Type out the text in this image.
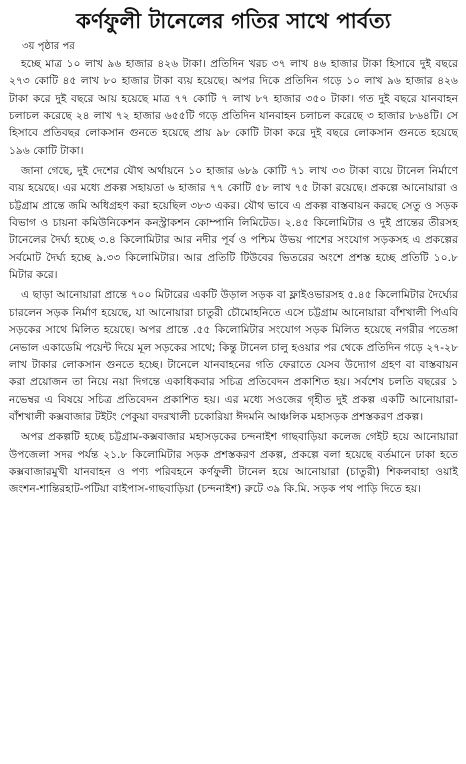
কর্ণফুলী টানেলের গতির সাথে পার্বত্য
৩য় পৃষ্ঠার পর

হচ্ছে মাত্র ১০ লাখ ৯৬ হাজার ৪২৬ টাকা। প্রতিদিন খরচ ৩৭ লাখ ৪৬ হাজার টাকা হিসাবে দুই বছরে ২৭৩ কোটি ৪৫ লাখ ৮০ হাজার টাকা ব্যয় হয়েছে। অপর দিকে প্রতিদিন গড়ে ১০ লাখ ৯৬ হাজার ৪২৬ টাকা করে দুই বছরে আয় হয়েছে মাত্র ৭৭ কোটি ৭ লাখ ৮৭ হাজার ৩৫০ টাকা। গত দুই বছরে যানবাহন চলাচল করেছে ২৪ লাখ ৭২ হাজার ৬৫৫টি গড়ে প্রতিদিন যানবাহন চলাচল করেছে ৩ হাজার ৮৬৪টি। সে হিসাবে প্রতিবছর লোকসান গুনতে হয়েছে প্রায় ৯৮ কোটি টাকা করে দুই বছরে লোকসান গুনতে হয়েছে ১৯৬ কোটি টাকা।

জানা গেছে, দুই দেশের যৌথ অর্থায়নে ১০ হাজার ৬৮৯ কোটি ৭১ লাখ ৩৩ টাকা ব্যয়ে টানেল নির্মাণে ব্যয় হয়েছে। এর মধ্যে প্রকল্প সহায়তা ৬ হাজার ৭৭ কোটি ৫৮ লাখ ৭৫ টাকা রয়েছে। প্রকল্পে আনোয়ারা ও চট্টগ্রাম প্রান্তে জমি অধিগ্রহণ করা হয়েছিল ৩৮৩ একর। যৌথ ভাবে এ প্রকল্প বাস্তবায়ন করছে সেতু ও সড়ক বিভাগ ও চায়না কমিউনিকেশন কনস্ট্রাকশন কোম্পানি লিমিটেড। ২.৪৫ কিলোমিটার ও দুই প্রান্তের তীরসহ টানেলের দৈর্ঘ্য হচ্ছে ৩.৪ কিলোমিটার আর নদীর পূর্ব ও পশ্চিম উভয় পাশের সংযোগ সড়কসহ এ প্রকল্পের সর্বমোট দৈর্ঘ্য হচ্ছে ৯.৩৩ কিলোমিটার। আর প্রতিটি টিউবের ভিতরের অংশে প্রশস্ত হচ্ছে প্রতিটি ১০.৮ মিটার করে।

এ ছাড়া আনোয়ারা প্রান্তে ৭০০ মিটারের একটি উড়াল সড়ক বা ফ্লাইওভারসহ ৫.৪৫ কিলোমিটার দৈর্ঘ্যের চারলেন সড়ক নির্মাণ হয়েছে, যা আনোয়ারা চাতুরী চৌমোহনিতে এসে চট্টগ্রাম আনোয়ারা বাঁশখালী পিএবি সড়কের সাথে মিলিত হয়েছে। অপর প্রান্তে .৫৫ কিলোমিটার সংযোগ সড়ক মিলিত হয়েছে নগরীর পতেঙ্গা নেভাল একাডেমি পয়েন্ট দিয়ে মূল সড়কের সাথে; কিন্তু টানেল চালু হওয়ার পর থেকে প্রতিদিন গড়ে ২৭-২৮ লাখ টাকার লোকসান গুনতে হচ্ছে। টানেলে যানবাহনের গতি ফেরাতে যেসব উদ্যোগ গ্রহণ বা বাস্তবায়ন করা প্রয়োজন তা নিয়ে নয়া দিগন্তে একাধিকবার সচিত্র প্রতিবেদন প্রকাশিত হয়। সর্বশেষ চলতি বছরের ১ নভেম্বর এ বিষয়ে সচিত্র প্রতিবেদন প্রকাশিত হয়। এর মধ্যে সওজের গৃহীত দুই প্রকল্প একটি আনোয়ারা-বাঁশখালী কক্সবাজার টইটং পেকুয়া বদরখালী চকোরিয়া ঈদমনি আঞ্চলিক মহাসড়ক প্রশস্তকরণ প্রকল্প।

অপর প্রকল্পটি হচ্ছে চট্টগ্রাম-কক্সবাজার মহাসড়কের চন্দনাইশ গাছবাড়িয়া কলেজ গেইট হয়ে আনোয়ারা উপজেলা সদর পর্যন্ত ২১.৮ কিলোমিটার সড়ক প্রশস্তকরণ প্রকল্প, প্রকল্পে বলা হয়েছে বর্তমানে ঢাকা হতে কক্সবাজারমুখী যানবাহন ও পণ্য পরিবহনে কর্ণফুলী টানেল হয়ে আনোয়ারা (চাতুরী) শিকলবাহা ওয়াই জংশন-শান্তিরহাট-পটিয়া বাইপাস-গাছবাড়িয়া (চন্দনাইশ) রুটে ৩৯ কি.মি. সড়ক পথ পাড়ি দিতে হয়।
